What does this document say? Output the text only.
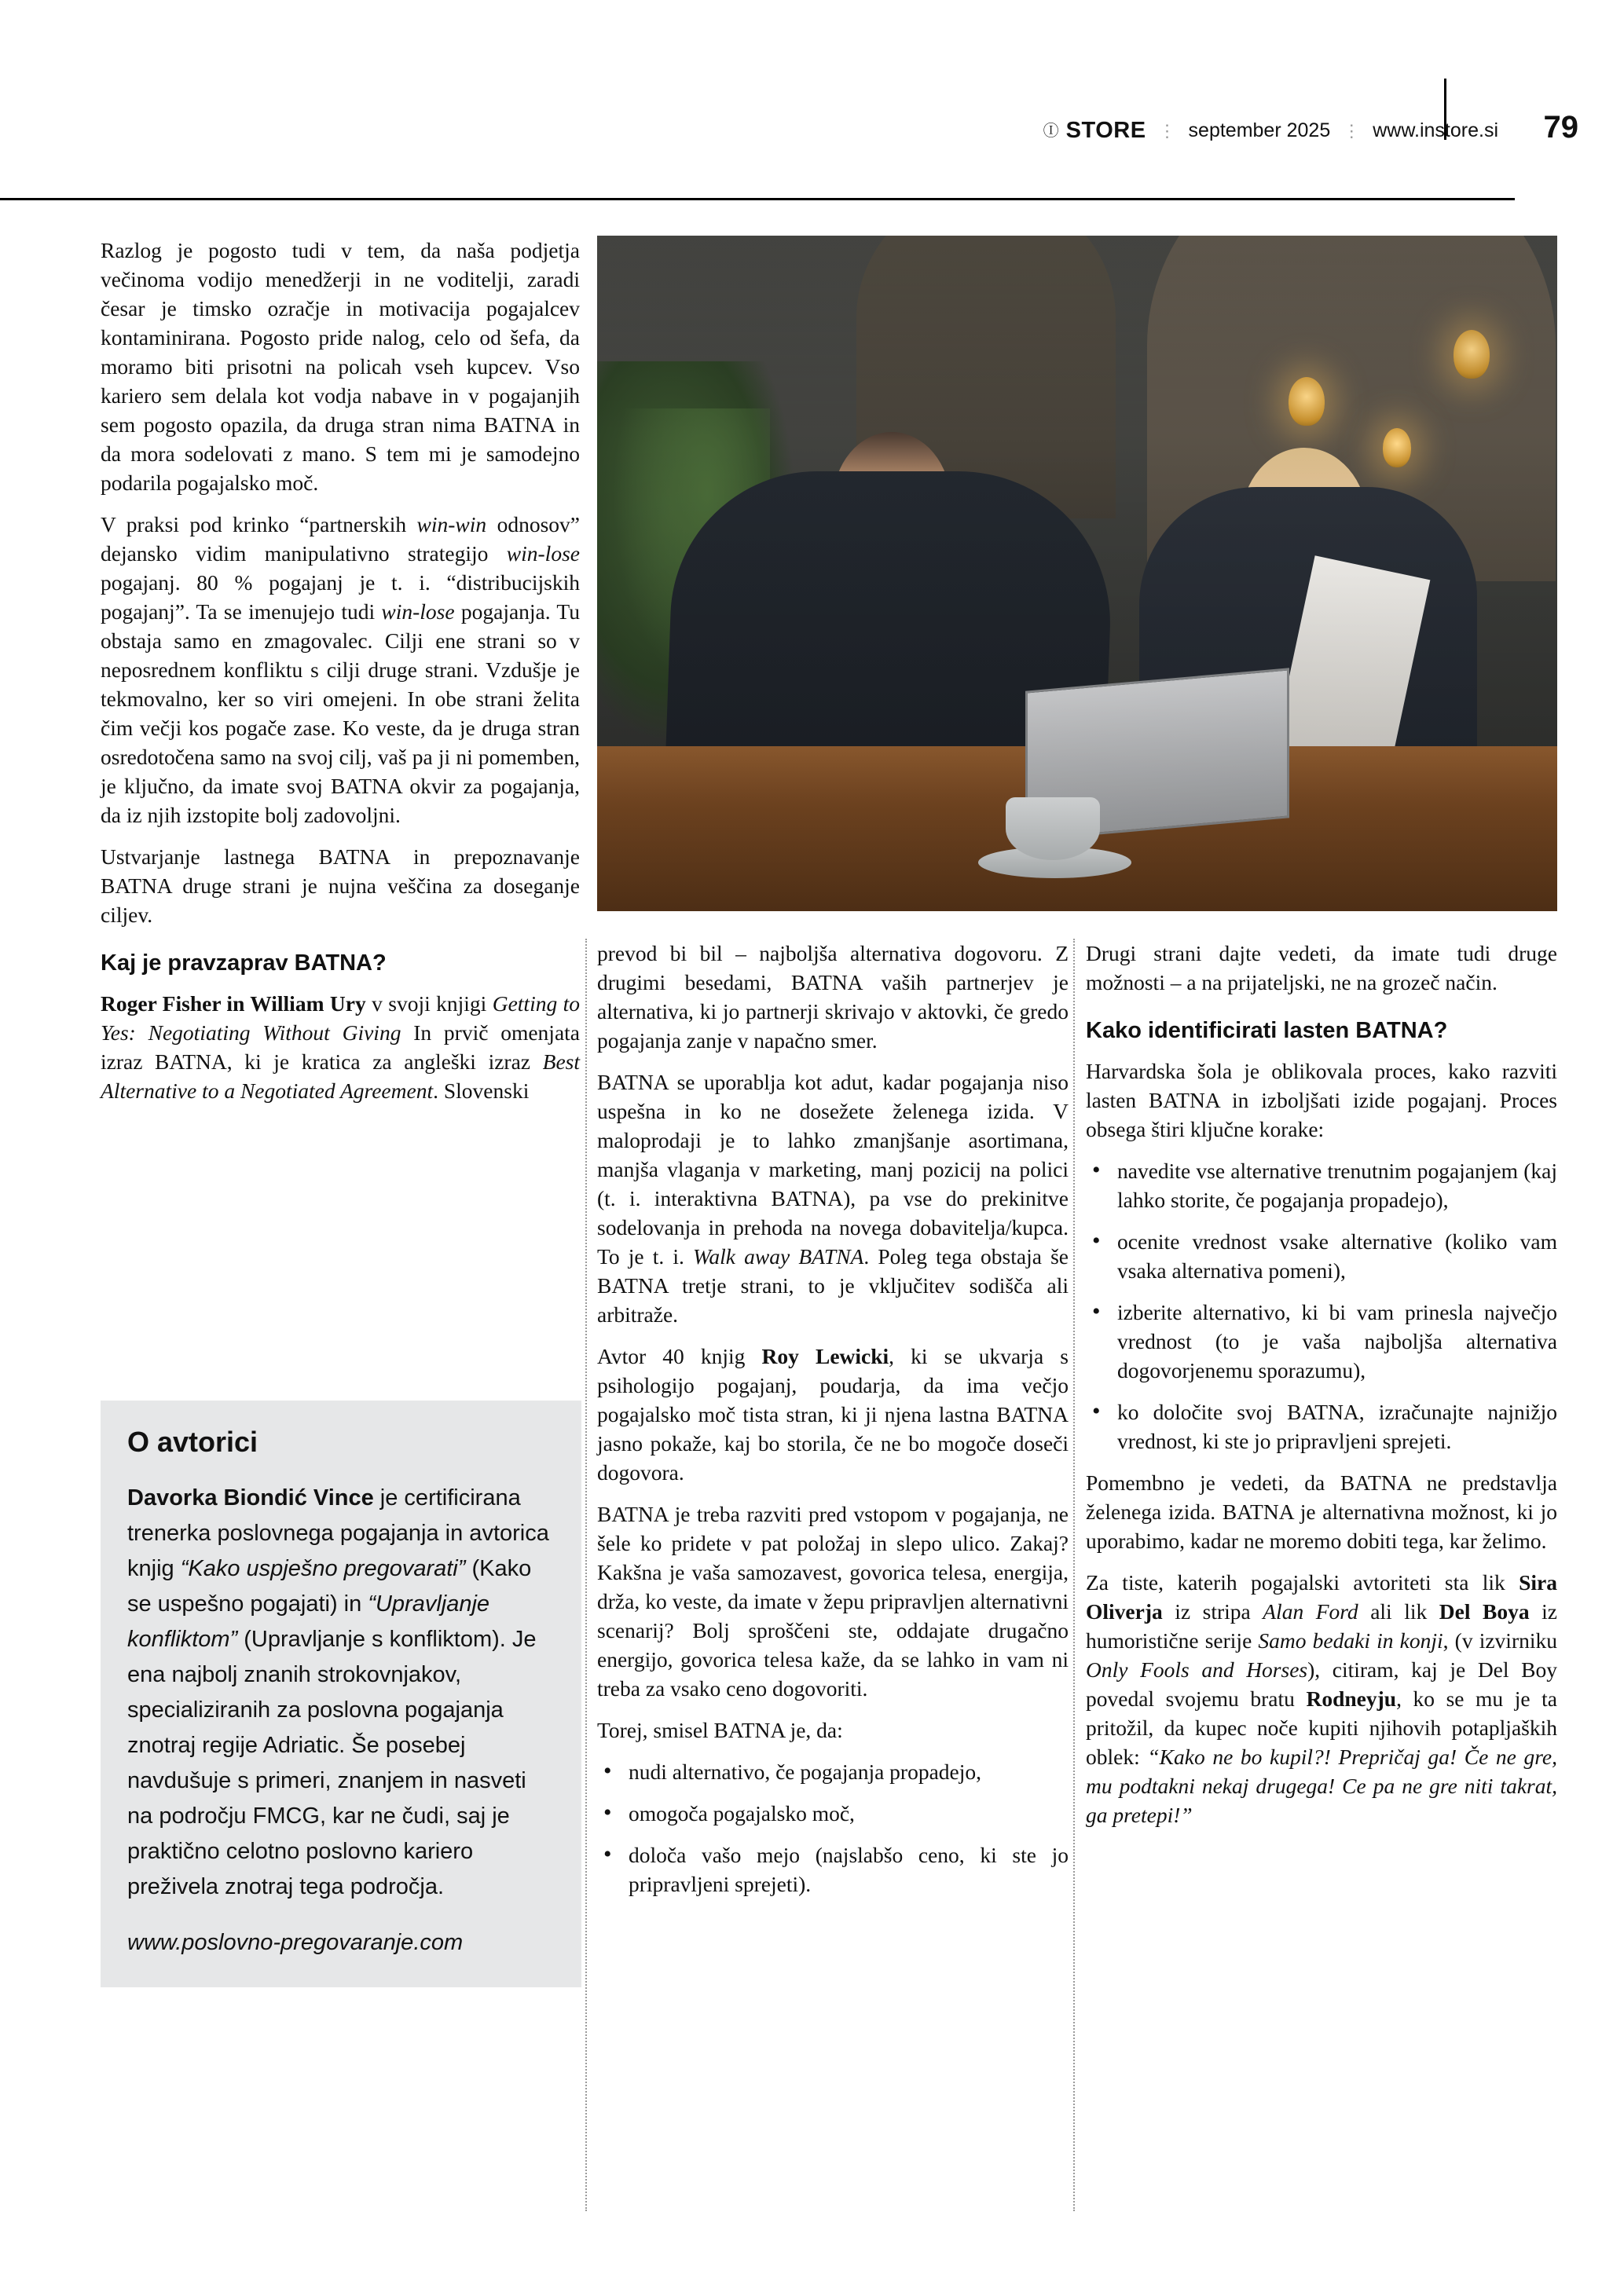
Ⓘ STORE ⋮ september 2025 ⋮ www.instore.si 79

Razlog je pogosto tudi v tem, da naša podjetja večinoma vodijo menedžerji in ne voditelji, zaradi česar je timsko ozračje in motivacija pogajalcev kontaminirana. Pogosto pride nalog, celo od šefa, da moramo biti prisotni na policah vseh kupcev. Vso kariero sem delala kot vodja nabave in v pogajanjih sem pogosto opazila, da druga stran nima BATNA in da mora sodelovati z mano. S tem mi je samodejno podarila pogajalsko moč.

V praksi pod krinko “partnerskih win-win odnosov” dejansko vidim manipulativno strategijo win-lose pogajanj. 80 % pogajanj je t. i. “distribucijskih pogajanj”. Ta se imenujejo tudi win-lose pogajanja. Tu obstaja samo en zmagovalec. Cilji ene strani so v neposrednem konfliktu s cilji druge strani. Vzdušje je tekmovalno, ker so viri omejeni. In obe strani želita čim večji kos pogače zase. Ko veste, da je druga stran osredotočena samo na svoj cilj, vaš pa ji ni pomemben, je ključno, da imate svoj BATNA okvir za pogajanja, da iz njih izstopite bolj zadovoljni.

Ustvarjanje lastnega BATNA in prepoznavanje BATNA druge strani je nujna veščina za doseganje ciljev.

Kaj je pravzaprav BATNA?

Roger Fisher in William Ury v svoji knjigi Getting to Yes: Negotiating Without Giving In prvič omenjata izraz BATNA, ki je kratica za angleški izraz Best Alternative to a Negotiated Agreement. Slovenski

O avtorici

Davorka Biondić Vince je certificirana trenerka poslovnega pogajanja in avtorica knjig “Kako uspješno pregovarati” (Kako se uspešno pogajati) in “Upravljanje konfliktom” (Upravljanje s konfliktom). Je ena najbolj znanih strokovnjakov, specializiranih za poslovna pogajanja znotraj regije Adriatic. Še posebej navdušuje s primeri, znanjem in nasveti na področju FMCG, kar ne čudi, saj je praktično celotno poslovno kariero preživela znotraj tega področja.

www.poslovno-pregovaranje.com

prevod bi bil – najboljša alternativa dogovoru. Z drugimi besedami, BATNA vaših partnerjev je alternativa, ki jo partnerji skrivajo v aktovki, če gredo pogajanja zanje v napačno smer.

BATNA se uporablja kot adut, kadar pogajanja niso uspešna in ko ne dosežete želenega izida. V maloprodaji je to lahko zmanjšanje asortimana, manjša vlaganja v marketing, manj pozicij na polici (t. i. interaktivna BATNA), pa vse do prekinitve sodelovanja in prehoda na novega dobavitelja/kupca. To je t. i. Walk away BATNA. Poleg tega obstaja še BATNA tretje strani, to je vključitev sodišča ali arbitraže.

Avtor 40 knjig Roy Lewicki, ki se ukvarja s psihologijo pogajanj, poudarja, da ima večjo pogajalsko moč tista stran, ki ji njena lastna BATNA jasno pokaže, kaj bo storila, če ne bo mogoče doseči dogovora.

BATNA je treba razviti pred vstopom v pogajanja, ne šele ko pridete v pat položaj in slepo ulico. Zakaj? Kakšna je vaša samozavest, govorica telesa, energija, drža, ko veste, da imate v žepu pripravljen alternativni scenarij? Bolj sproščeni ste, oddajate drugačno energijo, govorica telesa kaže, da se lahko in vam ni treba za vsako ceno dogovoriti.

Torej, smisel BATNA je, da:

• nudi alternativo, če pogajanja propadejo,
• omogoča pogajalsko moč,
• določa vašo mejo (najslabšo ceno, ki ste jo pripravljeni sprejeti).

Drugi strani dajte vedeti, da imate tudi druge možnosti – a na prijateljski, ne na grozeč način.

Kako identificirati lasten BATNA?

Harvardska šola je oblikovala proces, kako razviti lasten BATNA in izboljšati izide pogajanj. Proces obsega štiri ključne korake:

• navedite vse alternative trenutnim pogajanjem (kaj lahko storite, če pogajanja propadejo),
• ocenite vrednost vsake alternative (koliko vam vsaka alternativa pomeni),
• izberite alternativo, ki bi vam prinesla največjo vrednost (to je vaša najboljša alternativa dogovorjenemu sporazumu),
• ko določite svoj BATNA, izračunajte najnižjo vrednost, ki ste jo pripravljeni sprejeti.

Pomembno je vedeti, da BATNA ne predstavlja želenega izida. BATNA je alternativna možnost, ki jo uporabimo, kadar ne moremo dobiti tega, kar želimo.

Za tiste, katerih pogajalski avtoriteti sta lik Sira Oliverja iz stripa Alan Ford ali lik Del Boya iz humoristične serije Samo bedaki in konji, (v izvirniku Only Fools and Horses), citiram, kaj je Del Boy povedal svojemu bratu Rodneyju, ko se mu je ta pritožil, da kupec noče kupiti njihovih potapljaških oblek: “Kako ne bo kupil?! Prepričaj ga! Če ne gre, mu podtakni nekaj drugega! Ce pa ne gre niti takrat, ga pretepi!”
